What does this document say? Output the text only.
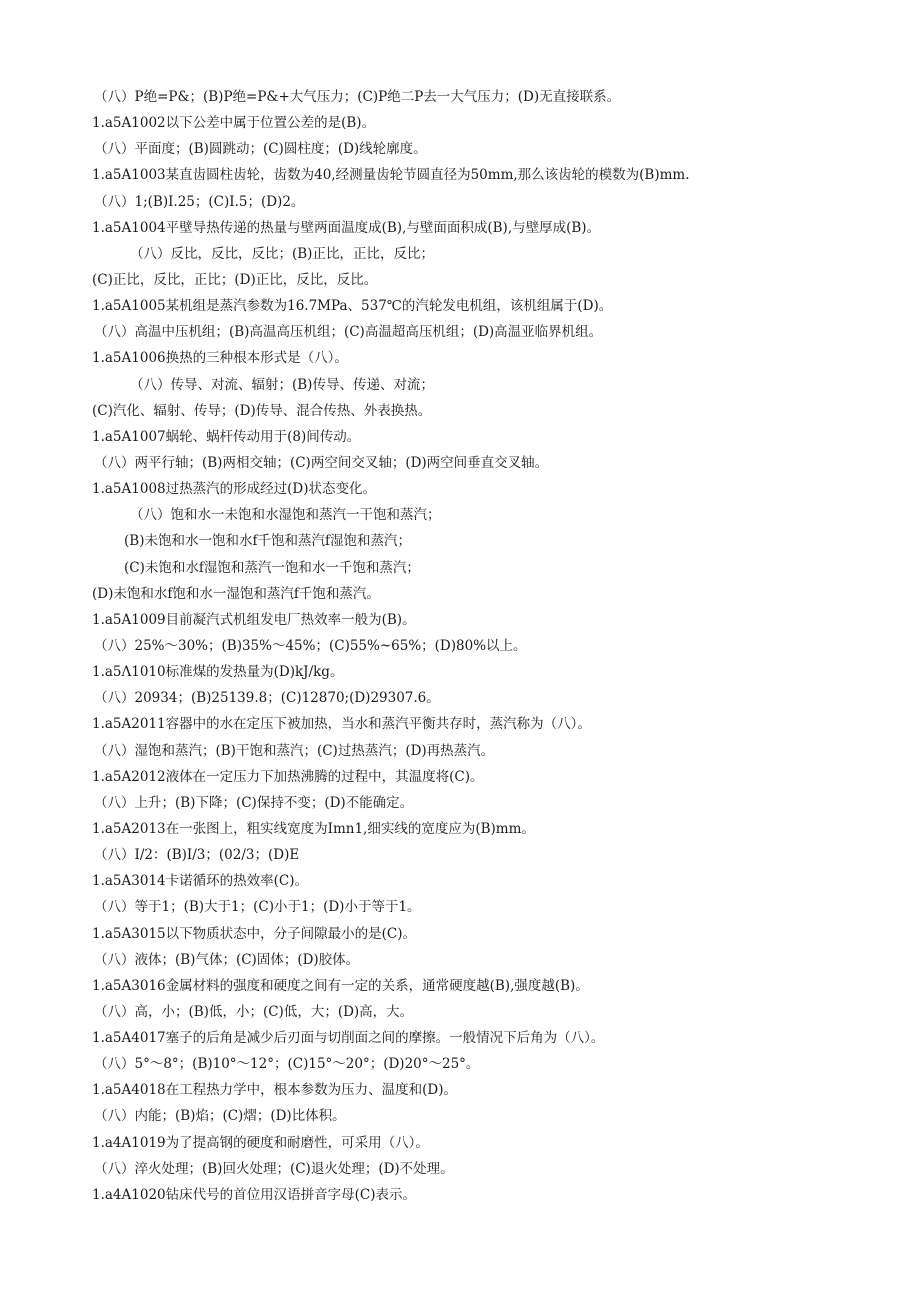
（八）P绝=P&；(B)P绝=P&+大气压力；(C)P绝二P去一大气压力；(D)无直接联系。
1.a5A1002以下公差中属于位置公差的是(B)。
（八）平面度；(B)圆跳动；(C)圆柱度；(D)线轮廓度。
1.a5A1003某直齿圆柱齿轮，齿数为40,经测量齿轮节圆直径为50mm,那么该齿轮的模数为(B)mm.
（八）1;(B)I.25；(C)I.5；(D)2。
1.a5A1004平壁导热传递的热量与壁两面温度成(B),与壁面面积成(B),与壁厚成(B)。
（八）反比，反比，反比；(B)正比，正比，反比；
(C)正比，反比，正比；(D)正比，反比，反比。
1.a5A1005某机组是蒸汽参数为16.7MPa、537℃的汽轮发电机组，该机组属于(D)。
（八）高温中压机组；(B)高温高压机组；(C)高温超高压机组；(D)高温亚临界机组。
1.a5A1006换热的三种根本形式是（八）。
（八）传导、对流、辐射；(B)传导、传递、对流；
(C)汽化、辐射、传导；(D)传导、混合传热、外表换热。
1.a5A1007蜗轮、蜗杆传动用于(8)间传动。
（八）两平行轴；(B)两相交轴；(C)两空间交叉轴；(D)两空间垂直交叉轴。
1.a5A1008过热蒸汽的形成经过(D)状态变化。
（八）饱和水一未饱和水湿饱和蒸汽一干饱和蒸汽；
(B)未饱和水一饱和水f千饱和蒸汽f湿饱和蒸汽；
(C)未饱和水f湿饱和蒸汽一饱和水一千饱和蒸汽；
(D)未饱和水f饱和水一湿饱和蒸汽f千饱和蒸汽。
1.a5A1009目前凝汽式机组发电厂热效率一般为(B)。
（八）25%～30%；(B)35%～45%；(C)55%~65%；(D)80%以上。
1.a5Λ1010标准煤的发热量为(D)kJ/kg。
（八）20934；(B)25139.8；(C)12870;(D)29307.6。
1.a5A2011容器中的水在定压下被加热，当水和蒸汽平衡共存时，蒸汽称为（八）。
（八）湿饱和蒸汽；(B)干饱和蒸汽；(C)过热蒸汽；(D)再热蒸汽。
1.a5A2012液体在一定压力下加热沸腾的过程中，其温度将(C)。
（八）上升；(B)下降；(C)保持不变；(D)不能确定。
1.a5A2013在一张图上，粗实线宽度为Imn1,细实线的宽度应为(B)mm。
（八）I/2：(B)I/3；(02/3；(D)E
1.a5A3014卡诺循环的热效率(C)。
（八）等于1；(B)大于1；(C)小于1；(D)小于等于1。
1.a5A3015以下物质状态中，分子间隙最小的是(C)。
（八）液体；(B)气体；(C)固体；(D)胶体。
1.a5A3016金属材料的强度和硬度之间有一定的关系，通常硬度越(B),强度越(B)。
（八）高，小；(B)低，小；(C)低，大；(D)高，大。
1.a5A4017塞子的后角是减少后刃面与切削面之间的摩擦。一般情况下后角为（八）。
（八）5°～8°；(B)10°～12°；(C)15°～20°；(D)20°～25°。
1.a5A4018在工程热力学中，根本参数为压力、温度和(D)。
（八）内能；(B)焰；(C)熠；(D)比体积。
1.a4A1019为了提高钢的硬度和耐磨性，可采用（八）。
（八）淬火处理；(B)回火处理；(C)退火处理；(D)不处理。
1.a4A1020钻床代号的首位用汉语拼音字母(C)表示。
